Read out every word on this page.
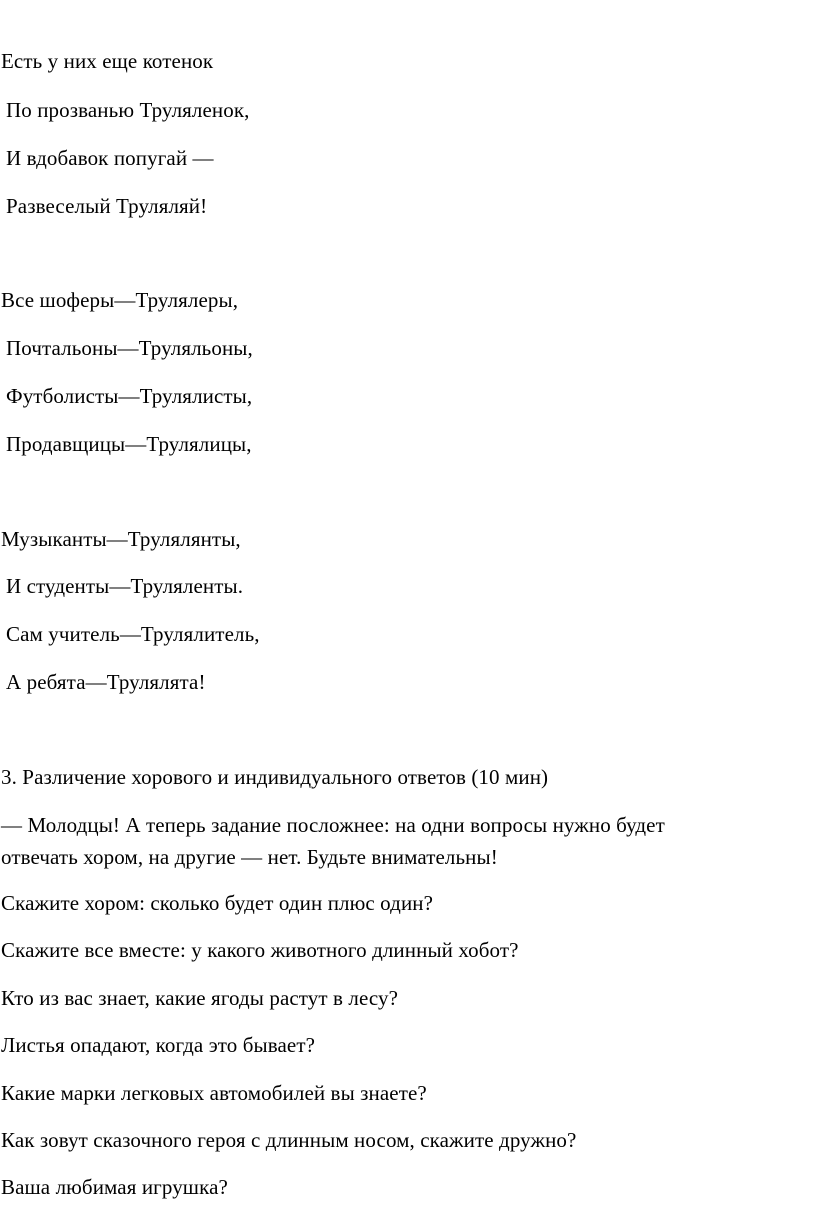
Есть у них еще котенок
По прозванью Труляленок,
И вдобавок попугай —
Развеселый Труляляй!
Все шоферы—Трулялеры,
Почтальоны—Труляльоны,
Футболисты—Трулялисты,
Продавщицы—Трулялицы,
Музыканты—Трулялянты,
И студенты—Труляленты.
Сам учитель—Трулялитель,
А ребята—Трулялята!
3. Различение хорового и индивидуального ответов (10 мин)
— Молодцы! А теперь задание посложнее: на одни вопросы нужно будет
отвечать хором, на другие — нет. Будьте внимательны!
Скажите хором: сколько будет один плюс один?
Скажите все вместе: у какого животного длинный хобот?
Кто из вас знает, какие ягоды растут в лесу?
Листья опадают, когда это бывает?
Какие марки легковых автомобилей вы знаете?
Как зовут сказочного героя с длинным носом, скажите дружно?
Ваша любимая игрушка?
